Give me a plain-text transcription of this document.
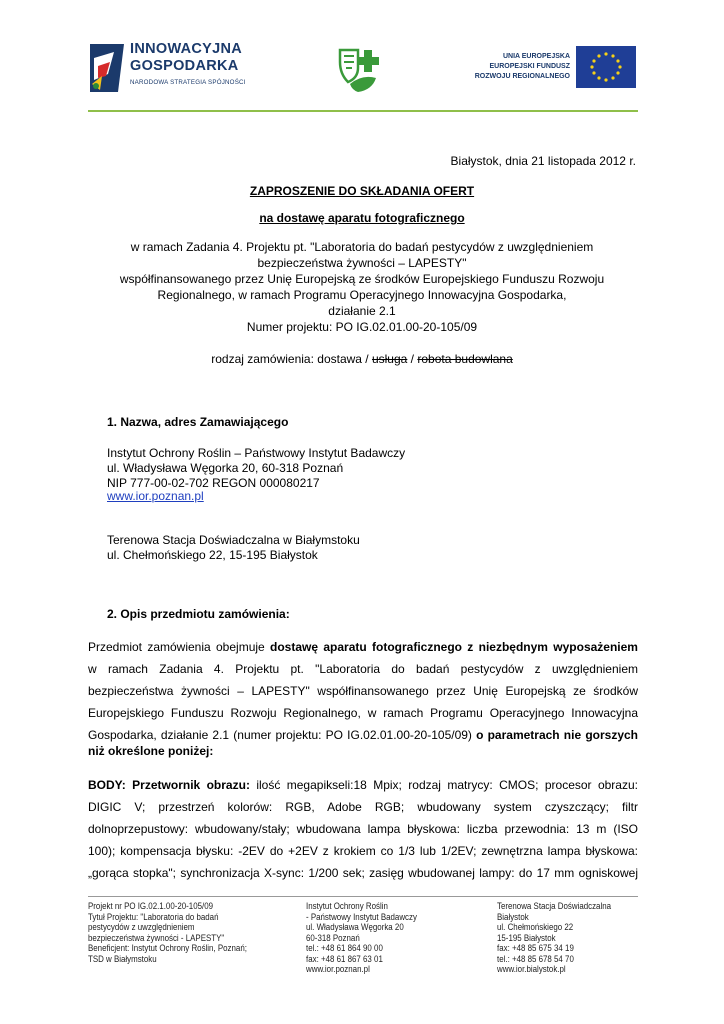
INNOWACYJNA
GOSPODARKA
NARODOWA STRATEGIA SPÓJNOŚCI
UNIA EUROPEJSKA
EUROPEJSKI FUNDUSZ
ROZWOJU REGIONALNEGO
Białystok, dnia 21 listopada 2012 r.
ZAPROSZENIE DO SKŁADANIA OFERT
na dostawę aparatu fotograficznego
w ramach Zadania 4. Projektu pt. "Laboratoria do badań pestycydów z uwzględnieniem
bezpieczeństwa żywności – LAPESTY"
współfinansowanego przez Unię Europejską ze środków Europejskiego Funduszu Rozwoju
Regionalnego, w ramach Programu Operacyjnego Innowacyjna Gospodarka,
działanie 2.1
Numer projektu: PO IG.02.01.00-20-105/09
rodzaj zamówienia: dostawa / usługa / robota budowlana
1. Nazwa, adres Zamawiającego
Instytut Ochrony Roślin – Państwowy Instytut Badawczy
ul. Władysława Węgorka 20, 60-318 Poznań
NIP 777-00-02-702 REGON 000080217
www.ior.poznan.pl
Terenowa Stacja Doświadczalna w Białymstoku
ul. Chełmońskiego 22, 15-195 Białystok
2. Opis przedmiotu zamówienia:
Przedmiot zamówienia obejmuje dostawę aparatu fotograficznego z niezbędnym wyposażeniem
w ramach Zadania 4. Projektu pt. "Laboratoria do badań pestycydów z uwzględnieniem
bezpieczeństwa żywności – LAPESTY" współfinansowanego przez Unię Europejską ze środków
Europejskiego Funduszu Rozwoju Regionalnego, w ramach Programu Operacyjnego Innowacyjna
Gospodarka, działanie 2.1 (numer projektu: PO IG.02.01.00-20-105/09) o parametrach nie gorszych
niż określone poniżej:
BODY: Przetwornik obrazu: ilość megapikseli:18 Mpix; rodzaj matrycy: CMOS; procesor obrazu:
DIGIC V; przestrzeń kolorów: RGB, Adobe RGB; wbudowany system czyszczący; filtr
dolnoprzepustowy: wbudowany/stały; wbudowana lampa błyskowa: liczba przewodnia: 13 m (ISO
100); kompensacja błysku: -2EV do +2EV z krokiem co 1/3 lub 1/2EV; zewnętrzna lampa błyskowa:
„gorąca stopka"; synchronizacja X-sync: 1/200 sek; zasięg wbudowanej lampy: do 17 mm ogniskowej
Projekt nr PO IG.02.1.00-20-105/09
Tytuł Projektu: "Laboratoria do badań
pestycydów z uwzględnieniem
bezpieczeństwa żywności - LAPESTY"
Beneficjent: Instytut Ochrony Roślin, Poznań;
TSD w Białymstoku
Instytut Ochrony Roślin
- Państwowy Instytut Badawczy
ul. Władysława Węgorka 20
60-318 Poznań
tel.: +48 61 864 90 00
fax: +48 61 867 63 01
www.ior.poznan.pl
Terenowa Stacja Doświadczalna
Białystok
ul. Chełmońskiego 22
15-195 Białystok
fax: +48 85 675 34 19
tel.: +48 85 678 54 70
www.ior.bialystok.pl
